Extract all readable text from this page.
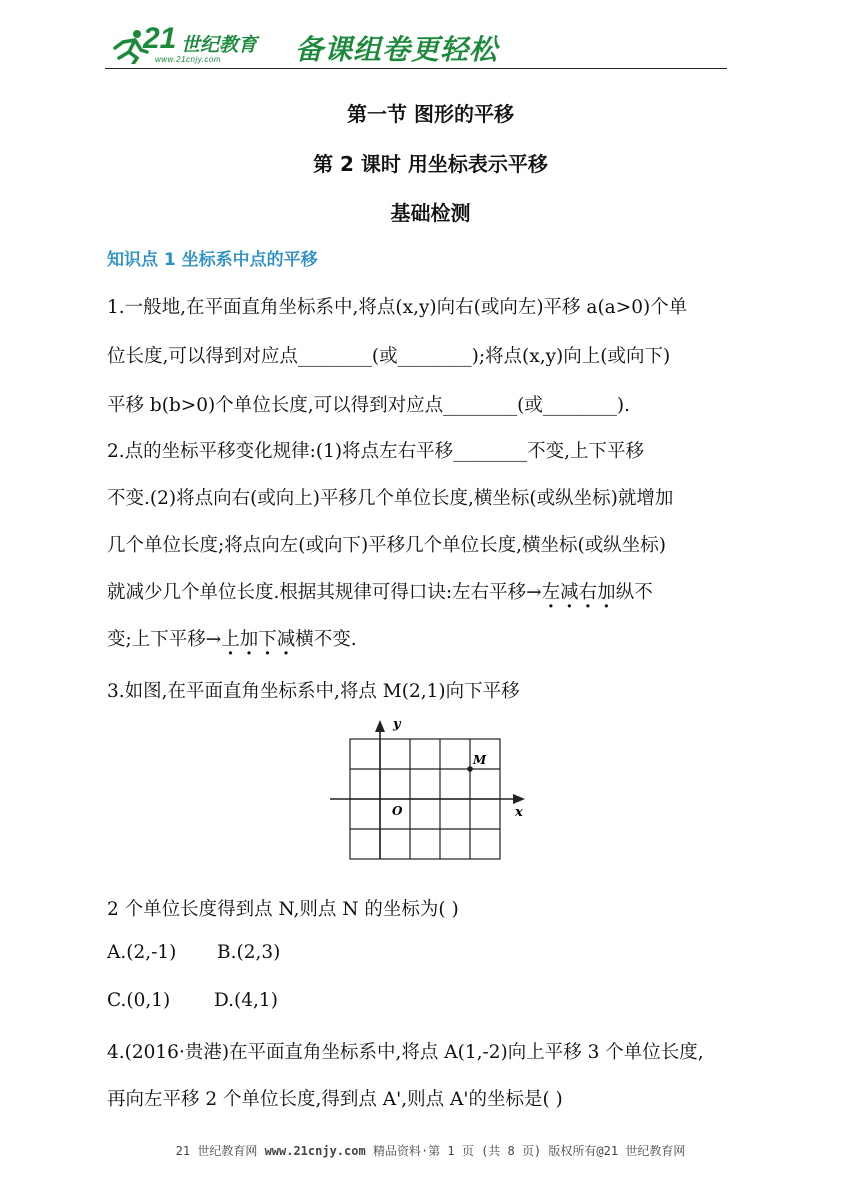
21 世纪教育
www.21cnjy.com	备课组卷更轻松
第一节 图形的平移
第 2 课时 用坐标表示平移
基础检测
知识点 1 坐标系中点的平移
1.一般地,在平面直角坐标系中,将点(x,y)向右(或向左)平移 a(a>0)个单
位长度,可以得到对应点________(或________);将点(x,y)向上(或向下)
平移 b(b>0)个单位长度,可以得到对应点________(或________).
2.点的坐标平移变化规律:(1)将点左右平移________不变,上下平移
不变.(2)将点向右(或向上)平移几个单位长度,横坐标(或纵坐标)就增加
几个单位长度;将点向左(或向下)平移几个单位长度,横坐标(或纵坐标)
就减少几个单位长度.根据其规律可得口诀:左右平移→左减右加纵不
变;上下平移→上加下减横不变.
3.如图,在平面直角坐标系中,将点 M(2,1)向下平移
y
x
O
M
2 个单位长度得到点 N,则点 N 的坐标为( )
A.(2,-1) B.(2,3)
C.(0,1) D.(4,1)
4.(2016·贵港)在平面直角坐标系中,将点 A(1,-2)向上平移 3 个单位长度,
再向左平移 2 个单位长度,得到点 A',则点 A'的坐标是( )
21 世纪教育网 www.21cnjy.com 精品资料·第 1 页 (共 8 页) 版权所有@21 世纪教育网
